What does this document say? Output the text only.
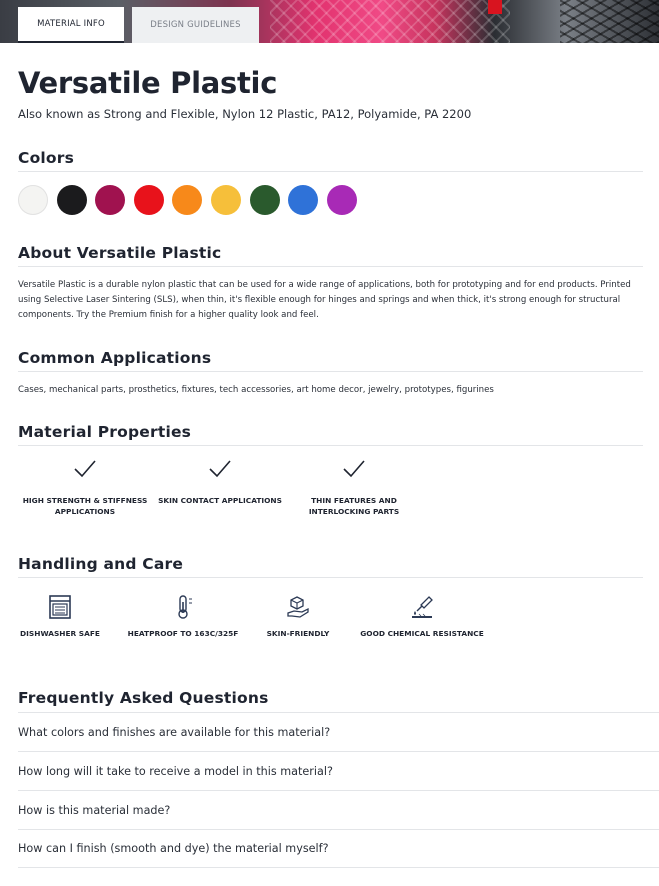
MATERIAL INFO	DESIGN GUIDELINES
Versatile Plastic
Also known as Strong and Flexible, Nylon 12 Plastic, PA12, Polyamide, PA 2200
Colors
About Versatile Plastic
Versatile Plastic is a durable nylon plastic that can be used for a wide range of applications, both for prototyping and for end products. Printed using Selective Laser Sintering (SLS), when thin, it's flexible enough for hinges and springs and when thick, it's strong enough for structural components. Try the Premium finish for a higher quality look and feel.
Common Applications
Cases, mechanical parts, prosthetics, fixtures, tech accessories, art home decor, jewelry, prototypes, figurines
Material Properties
HIGH STRENGTH & STIFFNESS APPLICATIONS
SKIN CONTACT APPLICATIONS	THIN FEATURES AND INTERLOCKING PARTS
Handling and Care
DISHWASHER SAFE	HEATPROOF TO 163C/325F	SKIN-FRIENDLY	GOOD CHEMICAL RESISTANCE
Frequently Asked Questions
What colors and finishes are available for this material?
How long will it take to receive a model in this material?
How is this material made?
How can I finish (smooth and dye) the material myself?
